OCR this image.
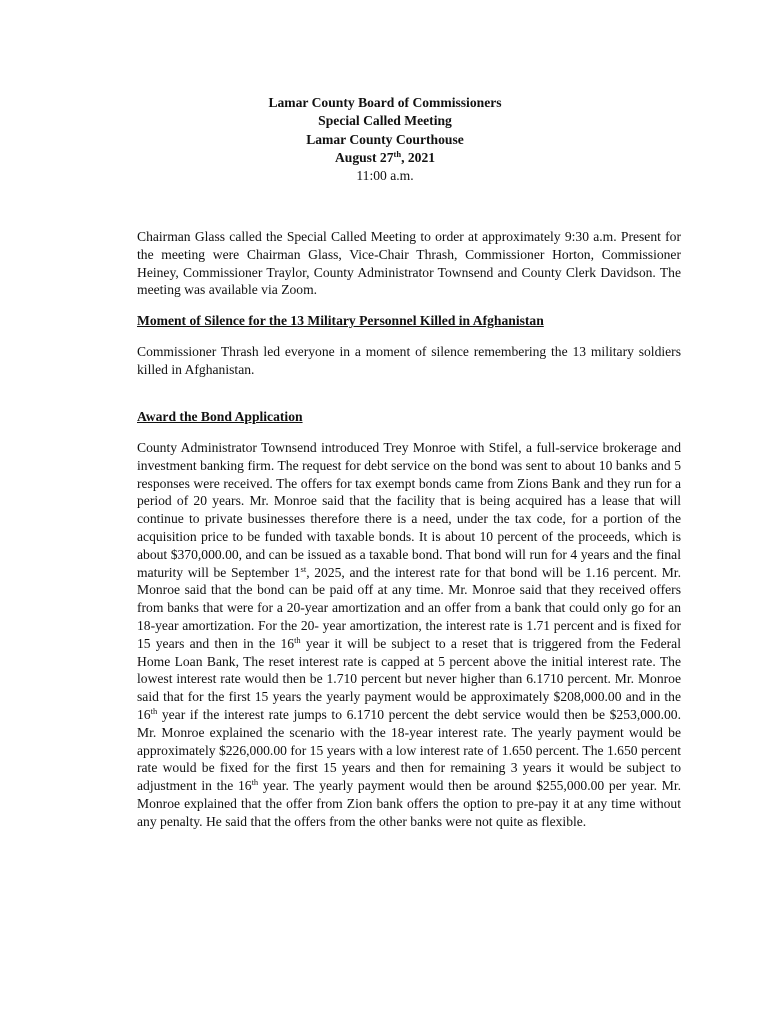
Lamar County Board of Commissioners
Special Called Meeting
Lamar County Courthouse
August 27th, 2021
11:00 a.m.

Chairman Glass called the Special Called Meeting to order at approximately 9:30 a.m. Present for the meeting were Chairman Glass, Vice-Chair Thrash, Commissioner Horton, Commissioner Heiney, Commissioner Traylor, County Administrator Townsend and County Clerk Davidson. The meeting was available via Zoom.

Moment of Silence for the 13 Military Personnel Killed in Afghanistan

Commissioner Thrash led everyone in a moment of silence remembering the 13 military soldiers killed in Afghanistan.

Award the Bond Application

County Administrator Townsend introduced Trey Monroe with Stifel, a full-service brokerage and investment banking firm. The request for debt service on the bond was sent to about 10 banks and 5 responses were received. The offers for tax exempt bonds came from Zions Bank and they run for a period of 20 years. Mr. Monroe said that the facility that is being acquired has a lease that will continue to private businesses therefore there is a need, under the tax code, for a portion of the acquisition price to be funded with taxable bonds. It is about 10 percent of the proceeds, which is about $370,000.00, and can be issued as a taxable bond. That bond will run for 4 years and the final maturity will be September 1st, 2025, and the interest rate for that bond will be 1.16 percent. Mr. Monroe said that the bond can be paid off at any time. Mr. Monroe said that they received offers from banks that were for a 20-year amortization and an offer from a bank that could only go for an 18-year amortization. For the 20- year amortization, the interest rate is 1.71 percent and is fixed for 15 years and then in the 16th year it will be subject to a reset that is triggered from the Federal Home Loan Bank, The reset interest rate is capped at 5 percent above the initial interest rate. The lowest interest rate would then be 1.710 percent but never higher than 6.1710 percent. Mr. Monroe said that for the first 15 years the yearly payment would be approximately $208,000.00 and in the 16th year if the interest rate jumps to 6.1710 percent the debt service would then be $253,000.00. Mr. Monroe explained the scenario with the 18-year interest rate. The yearly payment would be approximately $226,000.00 for 15 years with a low interest rate of 1.650 percent. The 1.650 percent rate would be fixed for the first 15 years and then for remaining 3 years it would be subject to adjustment in the 16th year. The yearly payment would then be around $255,000.00 per year. Mr. Monroe explained that the offer from Zion bank offers the option to pre-pay it at any time without any penalty. He said that the offers from the other banks were not quite as flexible.
